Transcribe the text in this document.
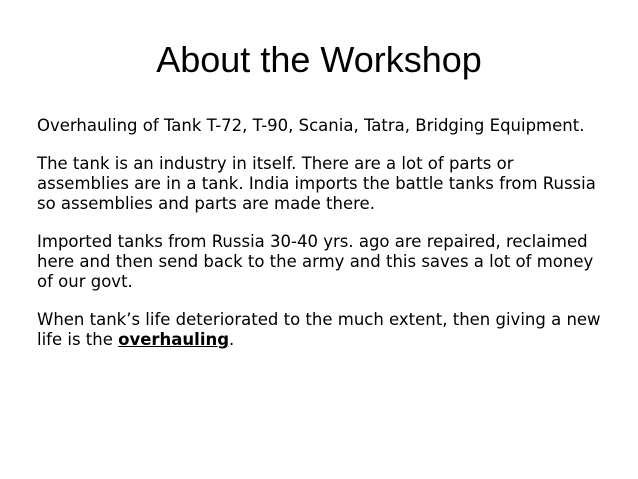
About the Workshop

Overhauling of Tank T-72, T-90, Scania, Tatra, Bridging Equipment.

The tank is an industry in itself. There are a lot of parts or assemblies are in a tank. India imports the battle tanks from Russia so assemblies and parts are made there.

Imported tanks from Russia 30-40 yrs. ago are repaired, reclaimed here and then send back to the army and this saves a lot of money of our govt.

When tank’s life deteriorated to the much extent, then giving a new life is the overhauling.
